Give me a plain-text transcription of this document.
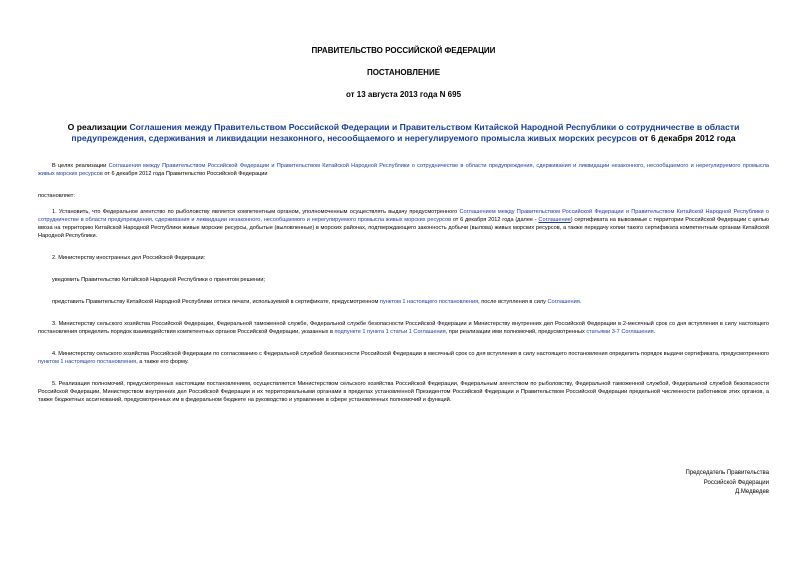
ПРАВИТЕЛЬСТВО РОССИЙСКОЙ ФЕДЕРАЦИИ
ПОСТАНОВЛЕНИЕ
от 13 августа 2013 года N 695
О реализации Соглашения между Правительством Российской Федерации и Правительством Китайской Народной Республики о сотрудничестве в области предупреждения, сдерживания и ликвидации незаконного, несообщаемого и нерегулируемого промысла живых морских ресурсов от 6 декабря 2012 года

В целях реализации Соглашения между Правительством Российской Федерации и Правительством Китайской Народной Республики о сотрудничестве в области предупреждения, сдерживания и ликвидации незаконного, несообщаемого и нерегулируемого промысла живых морских ресурсов от 6 декабря 2012 года Правительство Российской Федерации

постановляет:

1. Установить, что Федеральное агентство по рыболовству является компетентным органом, уполномоченным осуществлять выдачу предусмотренного Соглашением между Правительством Российской Федерации и Правительством Китайской Народной Республики о сотрудничестве в области предупреждения, сдерживания и ликвидации незаконного, несообщаемого и нерегулируемого промысла живых морских ресурсов от 6 декабря 2012 года (далее - Соглашение) сертификата на вывозимые с территории Российской Федерации с целью ввоза на территорию Китайской Народной Республики живые морские ресурсы, добытые (выловленные) в морских районах, подтверждающего законность добычи (вылова) живых морских ресурсов, а также передачу копии такого сертификата компетентным органам Китайской Народной Республики.

2. Министерству иностранных дел Российской Федерации:

уведомить Правительство Китайской Народной Республики о принятом решении;

представить Правительству Китайской Народной Республики оттиск печати, используемой в сертификате, предусмотренном пунктом 1 настоящего постановления, после вступления в силу Соглашения.

3. Министерству сельского хозяйства Российской Федерации, Федеральной таможенной службе, Федеральной службе безопасности Российской Федерации и Министерству внутренних дел Российской Федерации в 2-месячный срок со дня вступления в силу настоящего постановления определить порядок взаимодействия компетентных органов Российской Федерации, указанных в подпункте 1 пункта 1 статьи 1 Соглашения, при реализации ими полномочий, предусмотренных статьями 3-7 Соглашения.

4. Министерству сельского хозяйства Российской Федерации по согласованию с Федеральной службой безопасности Российской Федерации в месячный срок со дня вступления в силу настоящего постановления определить порядок выдачи сертификата, предусмотренного пунктом 1 настоящего постановления, а также его форму.

5. Реализация полномочий, предусмотренных настоящим постановлением, осуществляется Министерством сельского хозяйства Российской Федерации, Федеральным агентством по рыболовству, Федеральной таможенной службой, Федеральной службой безопасности Российской Федерации, Министерством внутренних дел Российской Федерации и их территориальными органами в пределах установленной Президентом Российской Федерации и Правительством Российской Федерации предельной численности работников этих органов, а также бюджетных ассигнований, предусмотренных им в федеральном бюджете на руководство и управление в сфере установленных полномочий и функций.

Председатель Правительства
Российской Федерации
Д.Медведев
